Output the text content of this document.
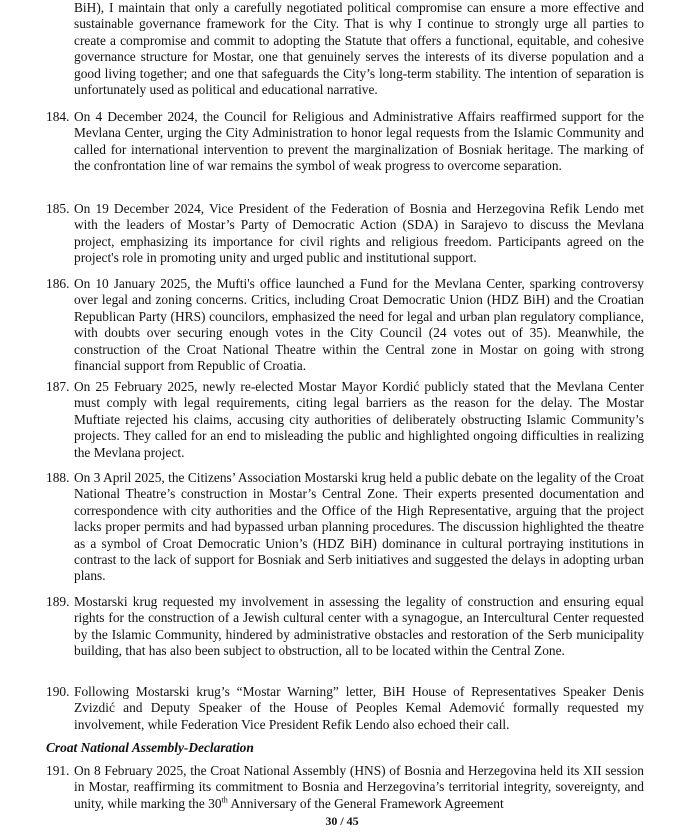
BiH), I maintain that only a carefully negotiated political compromise can ensure a more effective and sustainable governance framework for the City. That is why I continue to strongly urge all parties to create a compromise and commit to adopting the Statute that offers a functional, equitable, and cohesive governance structure for Mostar, one that genuinely serves the interests of its diverse population and a good living together; and one that safeguards the City’s long-term stability. The intention of separation is unfortunately used as political and educational narrative.

184. On 4 December 2024, the Council for Religious and Administrative Affairs reaffirmed support for the Mevlana Center, urging the City Administration to honor legal requests from the Islamic Community and called for international intervention to prevent the marginalization of Bosniak heritage. The marking of the confrontation line of war remains the symbol of weak progress to overcome separation.

185. On 19 December 2024, Vice President of the Federation of Bosnia and Herzegovina Refik Lendo met with the leaders of Mostar’s Party of Democratic Action (SDA) in Sarajevo to discuss the Mevlana project, emphasizing its importance for civil rights and religious freedom. Participants agreed on the project's role in promoting unity and urged public and institutional support.

186. On 10 January 2025, the Mufti's office launched a Fund for the Mevlana Center, sparking controversy over legal and zoning concerns. Critics, including Croat Democratic Union (HDZ BiH) and the Croatian Republican Party (HRS) councilors, emphasized the need for legal and urban plan regulatory compliance, with doubts over securing enough votes in the City Council (24 votes out of 35). Meanwhile, the construction of the Croat National Theatre within the Central zone in Mostar on going with strong financial support from Republic of Croatia.

187. On 25 February 2025, newly re-elected Mostar Mayor Kordić publicly stated that the Mevlana Center must comply with legal requirements, citing legal barriers as the reason for the delay. The Mostar Muftiate rejected his claims, accusing city authorities of deliberately obstructing Islamic Community’s projects. They called for an end to misleading the public and highlighted ongoing difficulties in realizing the Mevlana project.

188. On 3 April 2025, the Citizens’ Association Mostarski krug held a public debate on the legality of the Croat National Theatre’s construction in Mostar’s Central Zone. Their experts presented documentation and correspondence with city authorities and the Office of the High Representative, arguing that the project lacks proper permits and had bypassed urban planning procedures. The discussion highlighted the theatre as a symbol of Croat Democratic Union’s (HDZ BiH) dominance in cultural portraying institutions in contrast to the lack of support for Bosniak and Serb initiatives and suggested the delays in adopting urban plans.

189. Mostarski krug requested my involvement in assessing the legality of construction and ensuring equal rights for the construction of a Jewish cultural center with a synagogue, an Intercultural Center requested by the Islamic Community, hindered by administrative obstacles and restoration of the Serb municipality building, that has also been subject to obstruction, all to be located within the Central Zone.

190. Following Mostarski krug’s “Mostar Warning” letter, BiH House of Representatives Speaker Denis Zvizdić and Deputy Speaker of the House of Peoples Kemal Ademović formally requested my involvement, while Federation Vice President Refik Lendo also echoed their call.

Croat National Assembly-Declaration
191. On 8 February 2025, the Croat National Assembly (HNS) of Bosnia and Herzegovina held its XII session in Mostar, reaffirming its commitment to Bosnia and Herzegovina’s territorial integrity, sovereignty, and unity, while marking the 30th Anniversary of the General Framework Agreement

30 / 45
